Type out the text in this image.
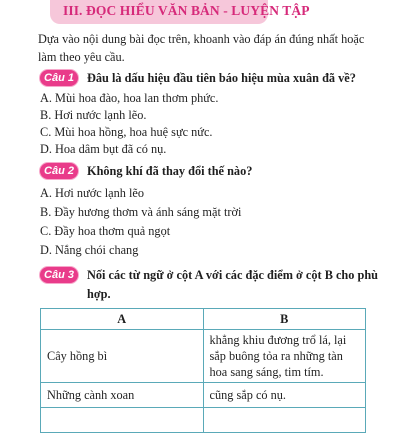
III. ĐỌC HIỂU VĂN BẢN - LUYỆN TẬP
Dựa vào nội dung bài đọc trên, khoanh vào đáp án đúng nhất hoặc làm theo yêu cầu.
Câu 1	Đâu là dấu hiệu đầu tiên báo hiệu mùa xuân đã về?
A. Mùi hoa đào, hoa lan thơm phức.
B. Hơi nước lạnh lẽo.
C. Mùi hoa hồng, hoa huệ sực nức.
D. Hoa dâm bụt đã có nụ.
Câu 2	Không khí đã thay đổi thế nào?
A. Hơi nước lạnh lẽo
B. Đầy hương thơm và ánh sáng mặt trời
C. Đầy hoa thơm quả ngọt
D. Nắng chói chang
Câu 3	Nối các từ ngữ ở cột A với các đặc điểm ở cột B cho phù hợp.
A	B
Cây hồng bì	khẳng khiu đương trổ lá, lại sắp buông tỏa ra những tàn hoa sang sáng, tim tím.
Những cành xoan	cũng sắp có nụ.
